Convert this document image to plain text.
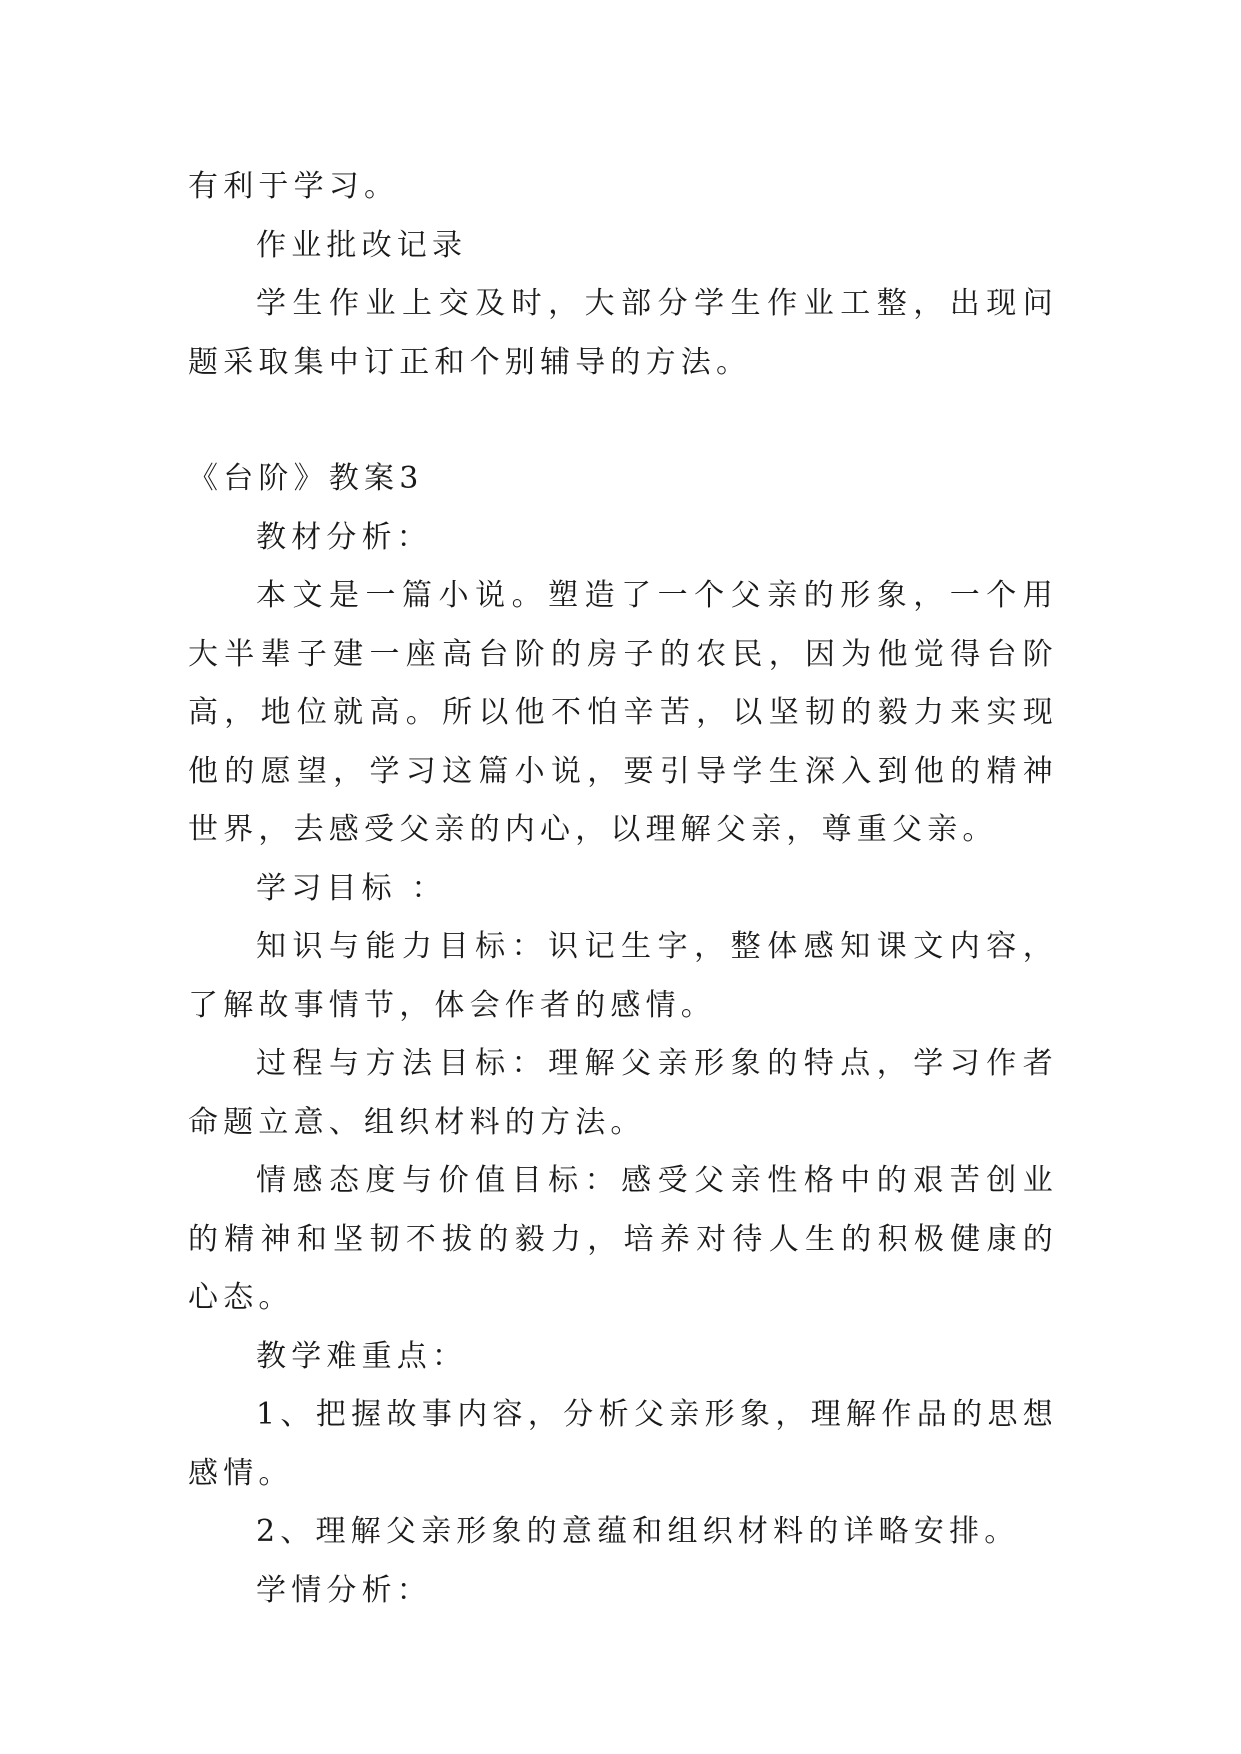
有利于学习。

作业批改记录

学生作业上交及时，大部分学生作业工整，出现问题采取集中订正和个别辅导的方法。

《台阶》教案3

教材分析：

本文是一篇小说。塑造了一个父亲的形象，一个用大半辈子建一座高台阶的房子的农民，因为他觉得台阶高，地位就高。所以他不怕辛苦，以坚韧的毅力来实现他的愿望，学习这篇小说，要引导学生深入到他的精神世界，去感受父亲的内心，以理解父亲，尊重父亲。

学习目标 ：

知识与能力目标：识记生字，整体感知课文内容，了解故事情节，体会作者的感情。

过程与方法目标：理解父亲形象的特点，学习作者命题立意、组织材料的方法。

情感态度与价值目标：感受父亲性格中的艰苦创业的精神和坚韧不拔的毅力，培养对待人生的积极健康的心态。

教学难重点：

1、把握故事内容，分析父亲形象，理解作品的思想感情。

2、理解父亲形象的意蕴和组织材料的详略安排。

学情分析：
